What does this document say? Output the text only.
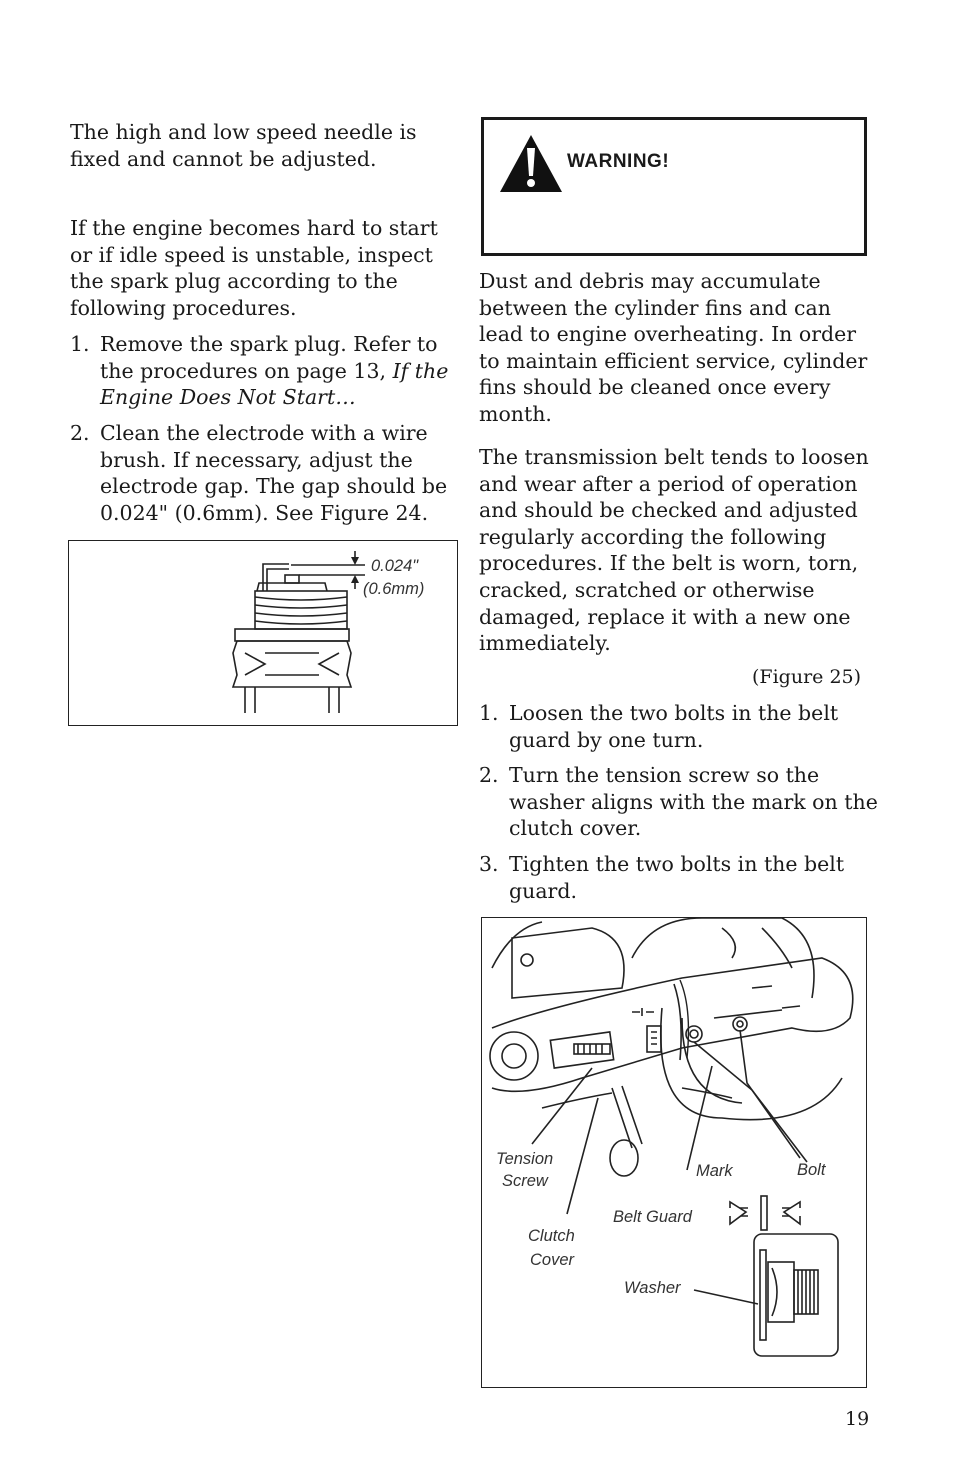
The high and low speed needle is fixed and cannot be adjusted.

If the engine becomes hard to start or if idle speed is unstable, inspect the spark plug according to the following procedures.

1. Remove the spark plug. Refer to the procedures on page 13, If the Engine Does Not Start…
2. Clean the electrode with a wire brush. If necessary, adjust the electrode gap. The gap should be 0.024" (0.6mm). See Figure 24.
0.024"
(0.6mm)
WARNING!

Dust and debris may accumulate between the cylinder fins and can lead to engine overheating. In order to maintain efficient service, cylinder fins should be cleaned once every month.

The transmission belt tends to loosen and wear after a period of operation and should be checked and adjusted regularly according the following procedures. If the belt is worn, torn, cracked, scratched or otherwise damaged, replace it with a new one immediately.

(Figure 25)
1. Loosen the two bolts in the belt guard by one turn.
2. Turn the tension screw so the washer aligns with the mark on the clutch cover.
3. Tighten the two bolts in the belt guard.
Tension
Screw
Mark	Bolt
Belt Guard
Clutch
Cover
Washer
19
